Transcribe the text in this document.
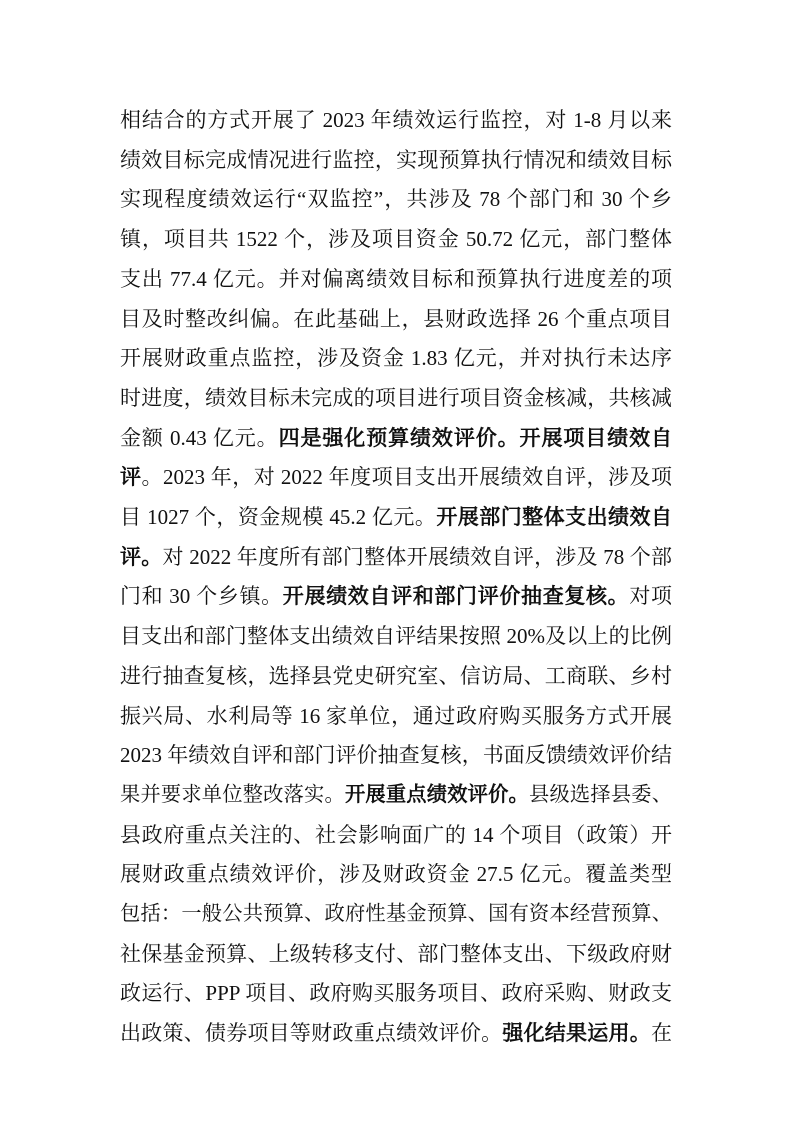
相结合的方式开展了 2023 年绩效运行监控，对 1-8 月以来
绩效目标完成情况进行监控，实现预算执行情况和绩效目标
实现程度绩效运行“双监控”，共涉及 78 个部门和 30 个乡
镇，项目共 1522 个，涉及项目资金 50.72 亿元，部门整体
支出 77.4 亿元。并对偏离绩效目标和预算执行进度差的项
目及时整改纠偏。在此基础上，县财政选择 26 个重点项目
开展财政重点监控，涉及资金 1.83 亿元，并对执行未达序
时进度，绩效目标未完成的项目进行项目资金核减，共核减
金额 0.43 亿元。四是强化预算绩效评价。开展项目绩效自
评。2023 年，对 2022 年度项目支出开展绩效自评，涉及项
目 1027 个，资金规模 45.2 亿元。开展部门整体支出绩效自
评。对 2022 年度所有部门整体开展绩效自评，涉及 78 个部
门和 30 个乡镇。开展绩效自评和部门评价抽查复核。对项
目支出和部门整体支出绩效自评结果按照 20%及以上的比例
进行抽查复核，选择县党史研究室、信访局、工商联、乡村
振兴局、水利局等 16 家单位，通过政府购买服务方式开展
2023 年绩效自评和部门评价抽查复核，书面反馈绩效评价结
果并要求单位整改落实。开展重点绩效评价。县级选择县委、
县政府重点关注的、社会影响面广的 14 个项目（政策）开
展财政重点绩效评价，涉及财政资金 27.5 亿元。覆盖类型
包括：一般公共预算、政府性基金预算、国有资本经营预算、
社保基金预算、上级转移支付、部门整体支出、下级政府财
政运行、PPP 项目、政府购买服务项目、政府采购、财政支
出政策、债券项目等财政重点绩效评价。强化结果运用。在
